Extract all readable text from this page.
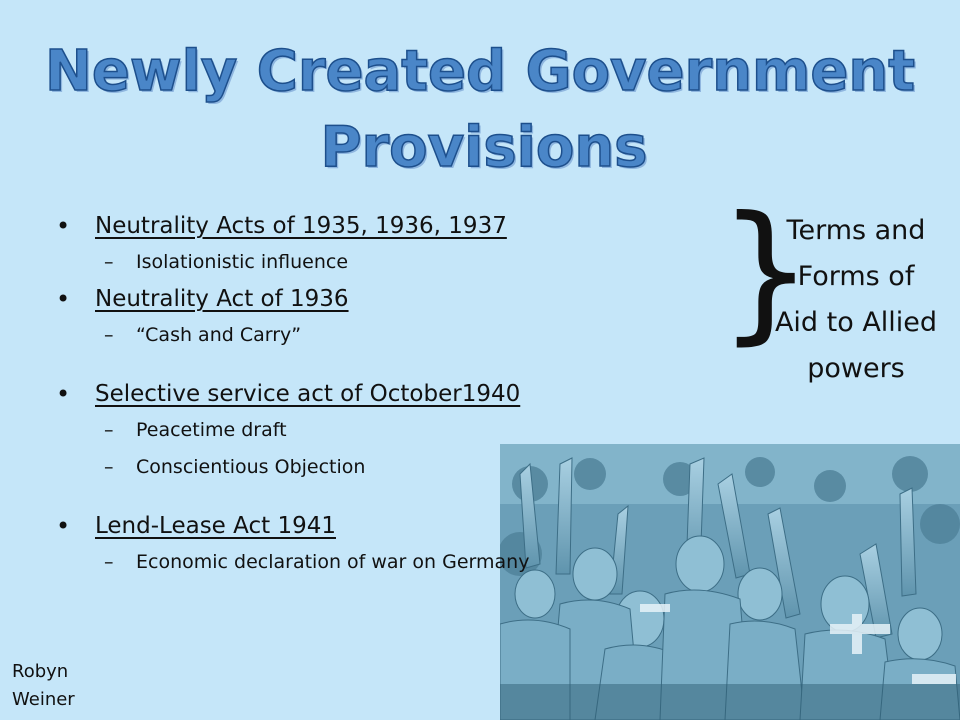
Newly Created Government
Provisions
• Neutrality Acts of 1935, 1936, 1937
– Isolationistic influence
• Neutrality Act of 1936
– “Cash and Carry”
• Selective service act of October1940
– Peacetime draft
– Conscientious Objection
• Lend-Lease Act 1941
– Economic declaration of war on Germany
}
Terms and
Forms of
Aid to Allied
powers
Robyn
Weiner
